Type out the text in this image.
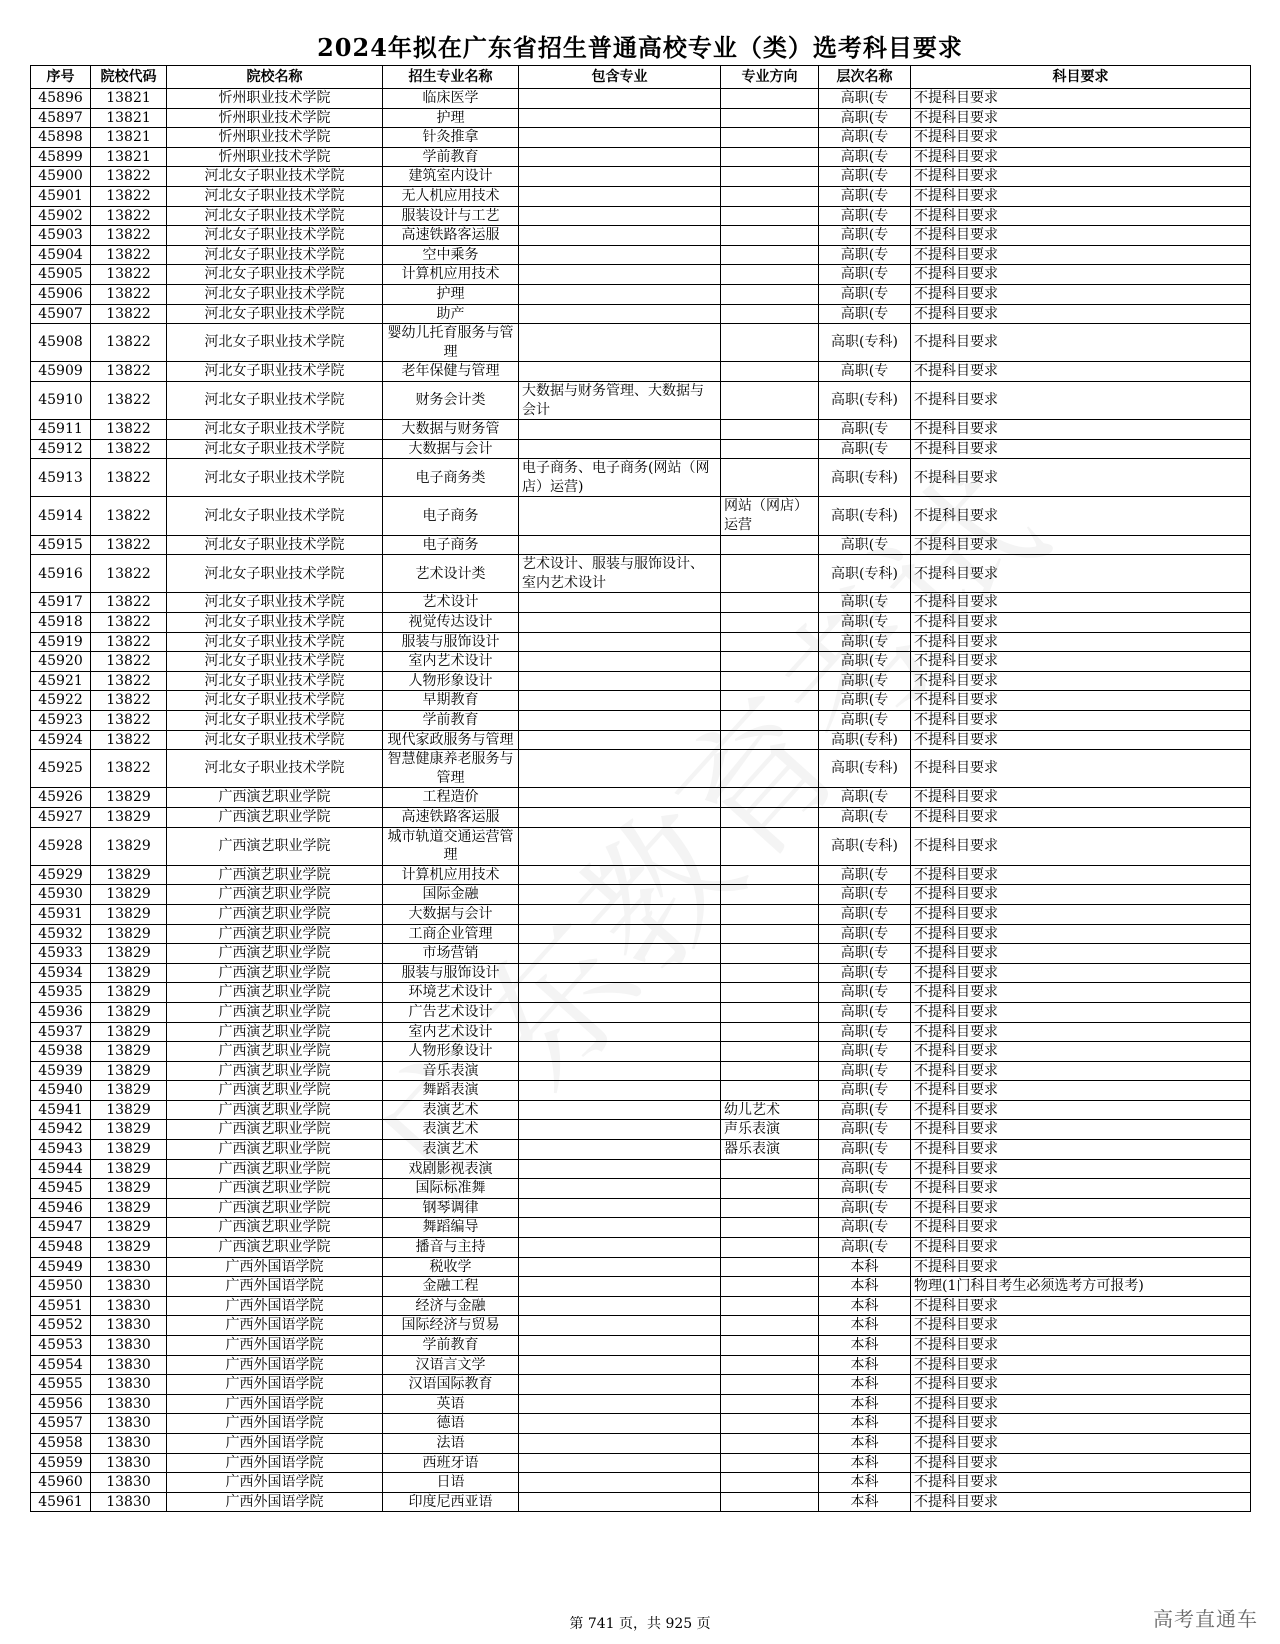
2024年拟在广东省招生普通高校专业（类）选考科目要求
序号	院校代码	院校名称	招生专业名称	包含专业	专业方向	层次名称	科目要求
45896	13821	忻州职业技术学院	临床医学			高职(专	不提科目要求
45897	13821	忻州职业技术学院	护理			高职(专	不提科目要求
45898	13821	忻州职业技术学院	针灸推拿			高职(专	不提科目要求
45899	13821	忻州职业技术学院	学前教育			高职(专	不提科目要求
45900	13822	河北女子职业技术学院	建筑室内设计			高职(专	不提科目要求
45901	13822	河北女子职业技术学院	无人机应用技术			高职(专	不提科目要求
45902	13822	河北女子职业技术学院	服装设计与工艺			高职(专	不提科目要求
45903	13822	河北女子职业技术学院	高速铁路客运服			高职(专	不提科目要求
45904	13822	河北女子职业技术学院	空中乘务			高职(专	不提科目要求
45905	13822	河北女子职业技术学院	计算机应用技术			高职(专	不提科目要求
45906	13822	河北女子职业技术学院	护理			高职(专	不提科目要求
45907	13822	河北女子职业技术学院	助产			高职(专	不提科目要求
45908	13822	河北女子职业技术学院	婴幼儿托育服务与管理			高职(专科)	不提科目要求
45909	13822	河北女子职业技术学院	老年保健与管理			高职(专	不提科目要求
45910	13822	河北女子职业技术学院	财务会计类	大数据与财务管理、大数据与会计		高职(专科)	不提科目要求
45911	13822	河北女子职业技术学院	大数据与财务管			高职(专	不提科目要求
45912	13822	河北女子职业技术学院	大数据与会计			高职(专	不提科目要求
45913	13822	河北女子职业技术学院	电子商务类	电子商务、电子商务(网站（网店）运营)		高职(专科)	不提科目要求
45914	13822	河北女子职业技术学院	电子商务		网站（网店）运营	高职(专科)	不提科目要求
45915	13822	河北女子职业技术学院	电子商务			高职(专	不提科目要求
45916	13822	河北女子职业技术学院	艺术设计类	艺术设计、服装与服饰设计、室内艺术设计		高职(专科)	不提科目要求
45917	13822	河北女子职业技术学院	艺术设计			高职(专	不提科目要求
45918	13822	河北女子职业技术学院	视觉传达设计			高职(专	不提科目要求
45919	13822	河北女子职业技术学院	服装与服饰设计			高职(专	不提科目要求
45920	13822	河北女子职业技术学院	室内艺术设计			高职(专	不提科目要求
45921	13822	河北女子职业技术学院	人物形象设计			高职(专	不提科目要求
45922	13822	河北女子职业技术学院	早期教育			高职(专	不提科目要求
45923	13822	河北女子职业技术学院	学前教育			高职(专	不提科目要求
45924	13822	河北女子职业技术学院	现代家政服务与管理			高职(专科)	不提科目要求
45925	13822	河北女子职业技术学院	智慧健康养老服务与管理			高职(专科)	不提科目要求
45926	13829	广西演艺职业学院	工程造价			高职(专	不提科目要求
45927	13829	广西演艺职业学院	高速铁路客运服			高职(专	不提科目要求
45928	13829	广西演艺职业学院	城市轨道交通运营管理			高职(专科)	不提科目要求
45929	13829	广西演艺职业学院	计算机应用技术			高职(专	不提科目要求
45930	13829	广西演艺职业学院	国际金融			高职(专	不提科目要求
45931	13829	广西演艺职业学院	大数据与会计			高职(专	不提科目要求
45932	13829	广西演艺职业学院	工商企业管理			高职(专	不提科目要求
45933	13829	广西演艺职业学院	市场营销			高职(专	不提科目要求
45934	13829	广西演艺职业学院	服装与服饰设计			高职(专	不提科目要求
45935	13829	广西演艺职业学院	环境艺术设计			高职(专	不提科目要求
45936	13829	广西演艺职业学院	广告艺术设计			高职(专	不提科目要求
45937	13829	广西演艺职业学院	室内艺术设计			高职(专	不提科目要求
45938	13829	广西演艺职业学院	人物形象设计			高职(专	不提科目要求
45939	13829	广西演艺职业学院	音乐表演			高职(专	不提科目要求
45940	13829	广西演艺职业学院	舞蹈表演			高职(专	不提科目要求
45941	13829	广西演艺职业学院	表演艺术		幼儿艺术	高职(专	不提科目要求
45942	13829	广西演艺职业学院	表演艺术		声乐表演	高职(专	不提科目要求
45943	13829	广西演艺职业学院	表演艺术		器乐表演	高职(专	不提科目要求
45944	13829	广西演艺职业学院	戏剧影视表演			高职(专	不提科目要求
45945	13829	广西演艺职业学院	国际标准舞			高职(专	不提科目要求
45946	13829	广西演艺职业学院	钢琴调律			高职(专	不提科目要求
45947	13829	广西演艺职业学院	舞蹈编导			高职(专	不提科目要求
45948	13829	广西演艺职业学院	播音与主持			高职(专	不提科目要求
45949	13830	广西外国语学院	税收学			本科	不提科目要求
45950	13830	广西外国语学院	金融工程			本科	物理(1门科目考生必须选考方可报考)
45951	13830	广西外国语学院	经济与金融			本科	不提科目要求
45952	13830	广西外国语学院	国际经济与贸易			本科	不提科目要求
45953	13830	广西外国语学院	学前教育			本科	不提科目要求
45954	13830	广西外国语学院	汉语言文学			本科	不提科目要求
45955	13830	广西外国语学院	汉语国际教育			本科	不提科目要求
45956	13830	广西外国语学院	英语			本科	不提科目要求
45957	13830	广西外国语学院	德语			本科	不提科目要求
45958	13830	广西外国语学院	法语			本科	不提科目要求
45959	13830	广西外国语学院	西班牙语			本科	不提科目要求
45960	13830	广西外国语学院	日语			本科	不提科目要求
45961	13830	广西外国语学院	印度尼西亚语			本科	不提科目要求
第 741 页，共 925 页	高考直通车
